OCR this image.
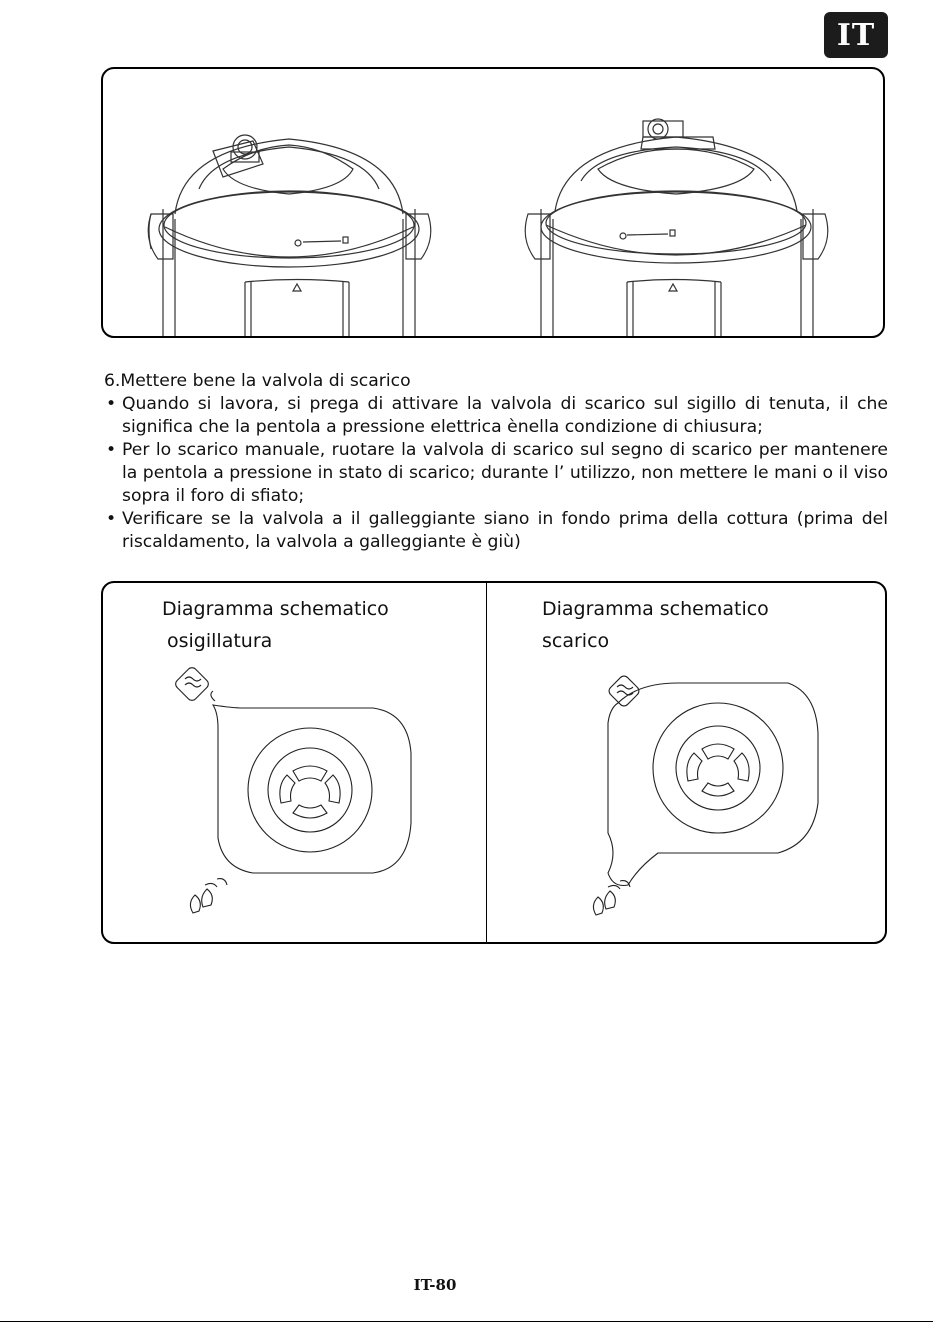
IT

6.Mettere bene la valvola di scarico

• Quando si lavora, si prega di attivare la valvola di scarico sul sigillo di tenuta, il che significa che la pentola a pressione elettrica ènella condizione di chiusura;

• Per lo scarico manuale, ruotare la valvola di scarico sul segno di scarico per mantenere la pentola a pressione in stato di scarico; durante l’ utilizzo, non mettere le mani o il viso sopra il foro di sfiato;

• Verificare se la valvola a il galleggiante siano in fondo prima della cottura (prima del riscaldamento, la valvola a galleggiante è giù)

Diagramma schematico
osigillatura
Diagramma schematico
scarico
IT-80
